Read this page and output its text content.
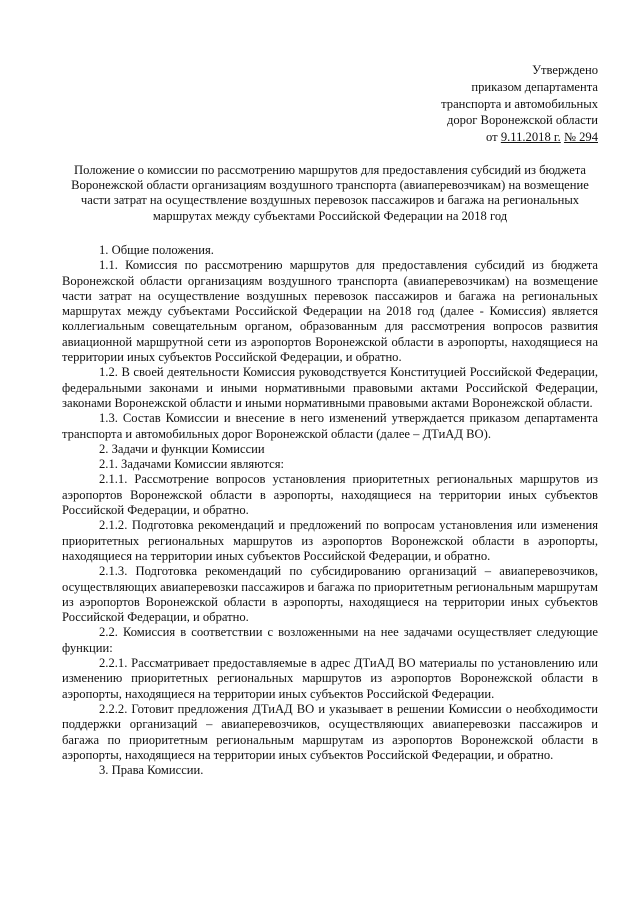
Утверждено
приказом департамента
транспорта и автомобильных
дорог Воронежской области
от 9.11.2018 г. № 294
Положение о комиссии по рассмотрению маршрутов для предоставления субсидий из бюджета
Воронежской области организациям воздушного транспорта (авиаперевозчикам) на возмещение
части затрат на осуществление воздушных перевозок пассажиров и багажа на региональных
маршрутах между субъектами Российской Федерации на 2018 год

1. Общие положения.

1.1. Комиссия по рассмотрению маршрутов для предоставления субсидий из бюджета Воронежской области организациям воздушного транспорта (авиаперевозчикам) на возмещение части затрат на осуществление воздушных перевозок пассажиров и багажа на региональных маршрутах между субъектами Российской Федерации на 2018 год (далее - Комиссия) является коллегиальным совещательным органом, образованным для рассмотрения вопросов развития авиационной маршрутной сети из аэропортов Воронежской области в аэропорты, находящиеся на территории иных субъектов Российской Федерации, и обратно.

1.2. В своей деятельности Комиссия руководствуется Конституцией Российской Федерации, федеральными законами и иными нормативными правовыми актами Российской Федерации, законами Воронежской области и иными нормативными правовыми актами Воронежской области.

1.3. Состав Комиссии и внесение в него изменений утверждается приказом департамента транспорта и автомобильных дорог Воронежской области (далее – ДТиАД ВО).

2. Задачи и функции Комиссии

2.1. Задачами Комиссии являются:

2.1.1. Рассмотрение вопросов установления приоритетных региональных маршрутов из аэропортов Воронежской области в аэропорты, находящиеся на территории иных субъектов Российской Федерации, и обратно.

2.1.2. Подготовка рекомендаций и предложений по вопросам установления или изменения приоритетных региональных маршрутов из аэропортов Воронежской области в аэропорты, находящиеся на территории иных субъектов Российской Федерации, и обратно.

2.1.3. Подготовка рекомендаций по субсидированию организаций – авиаперевозчиков, осуществляющих авиаперевозки пассажиров и багажа по приоритетным региональным маршрутам из аэропортов Воронежской области в аэропорты, находящиеся на территории иных субъектов Российской Федерации, и обратно.

2.2. Комиссия в соответствии с возложенными на нее задачами осуществляет следующие функции:

2.2.1. Рассматривает предоставляемые в адрес ДТиАД ВО материалы по установлению или изменению приоритетных региональных маршрутов из аэропортов Воронежской области в аэропорты, находящиеся на территории иных субъектов Российской Федерации.

2.2.2. Готовит предложения ДТиАД ВО и указывает в решении Комиссии о необходимости поддержки организаций – авиаперевозчиков, осуществляющих авиаперевозки пассажиров и багажа по приоритетным региональным маршрутам из аэропортов Воронежской области в аэропорты, находящиеся на территории иных субъектов Российской Федерации, и обратно.

3. Права Комиссии.
